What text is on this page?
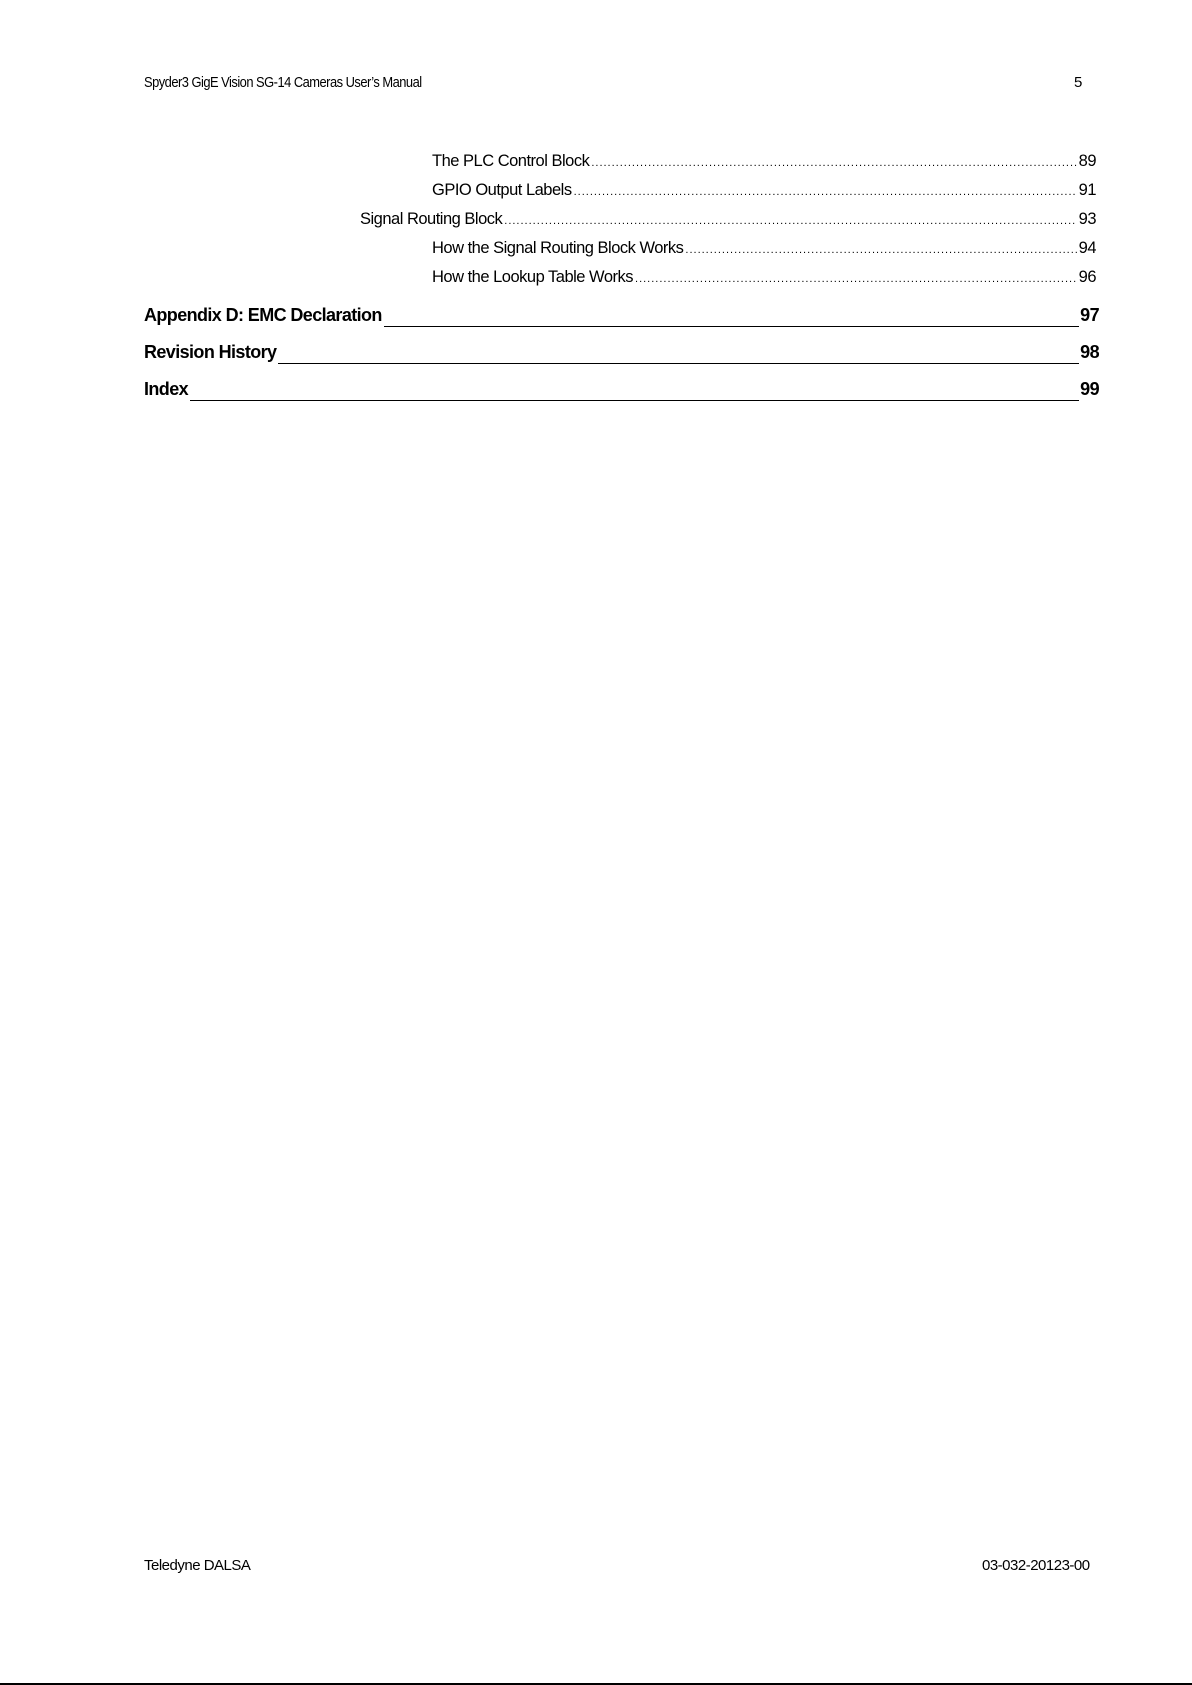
Spyder3 GigE Vision SG-14 Cameras User’s Manual	5
The PLC Control Block .....	89
GPIO Output Labels .....	91
Signal Routing Block .....	93
How the Signal Routing Block Works .....	94
How the Lookup Table Works .....	96
Appendix D: EMC Declaration	97
Revision History	98
Index	99
Teledyne DALSA	03-032-20123-00
